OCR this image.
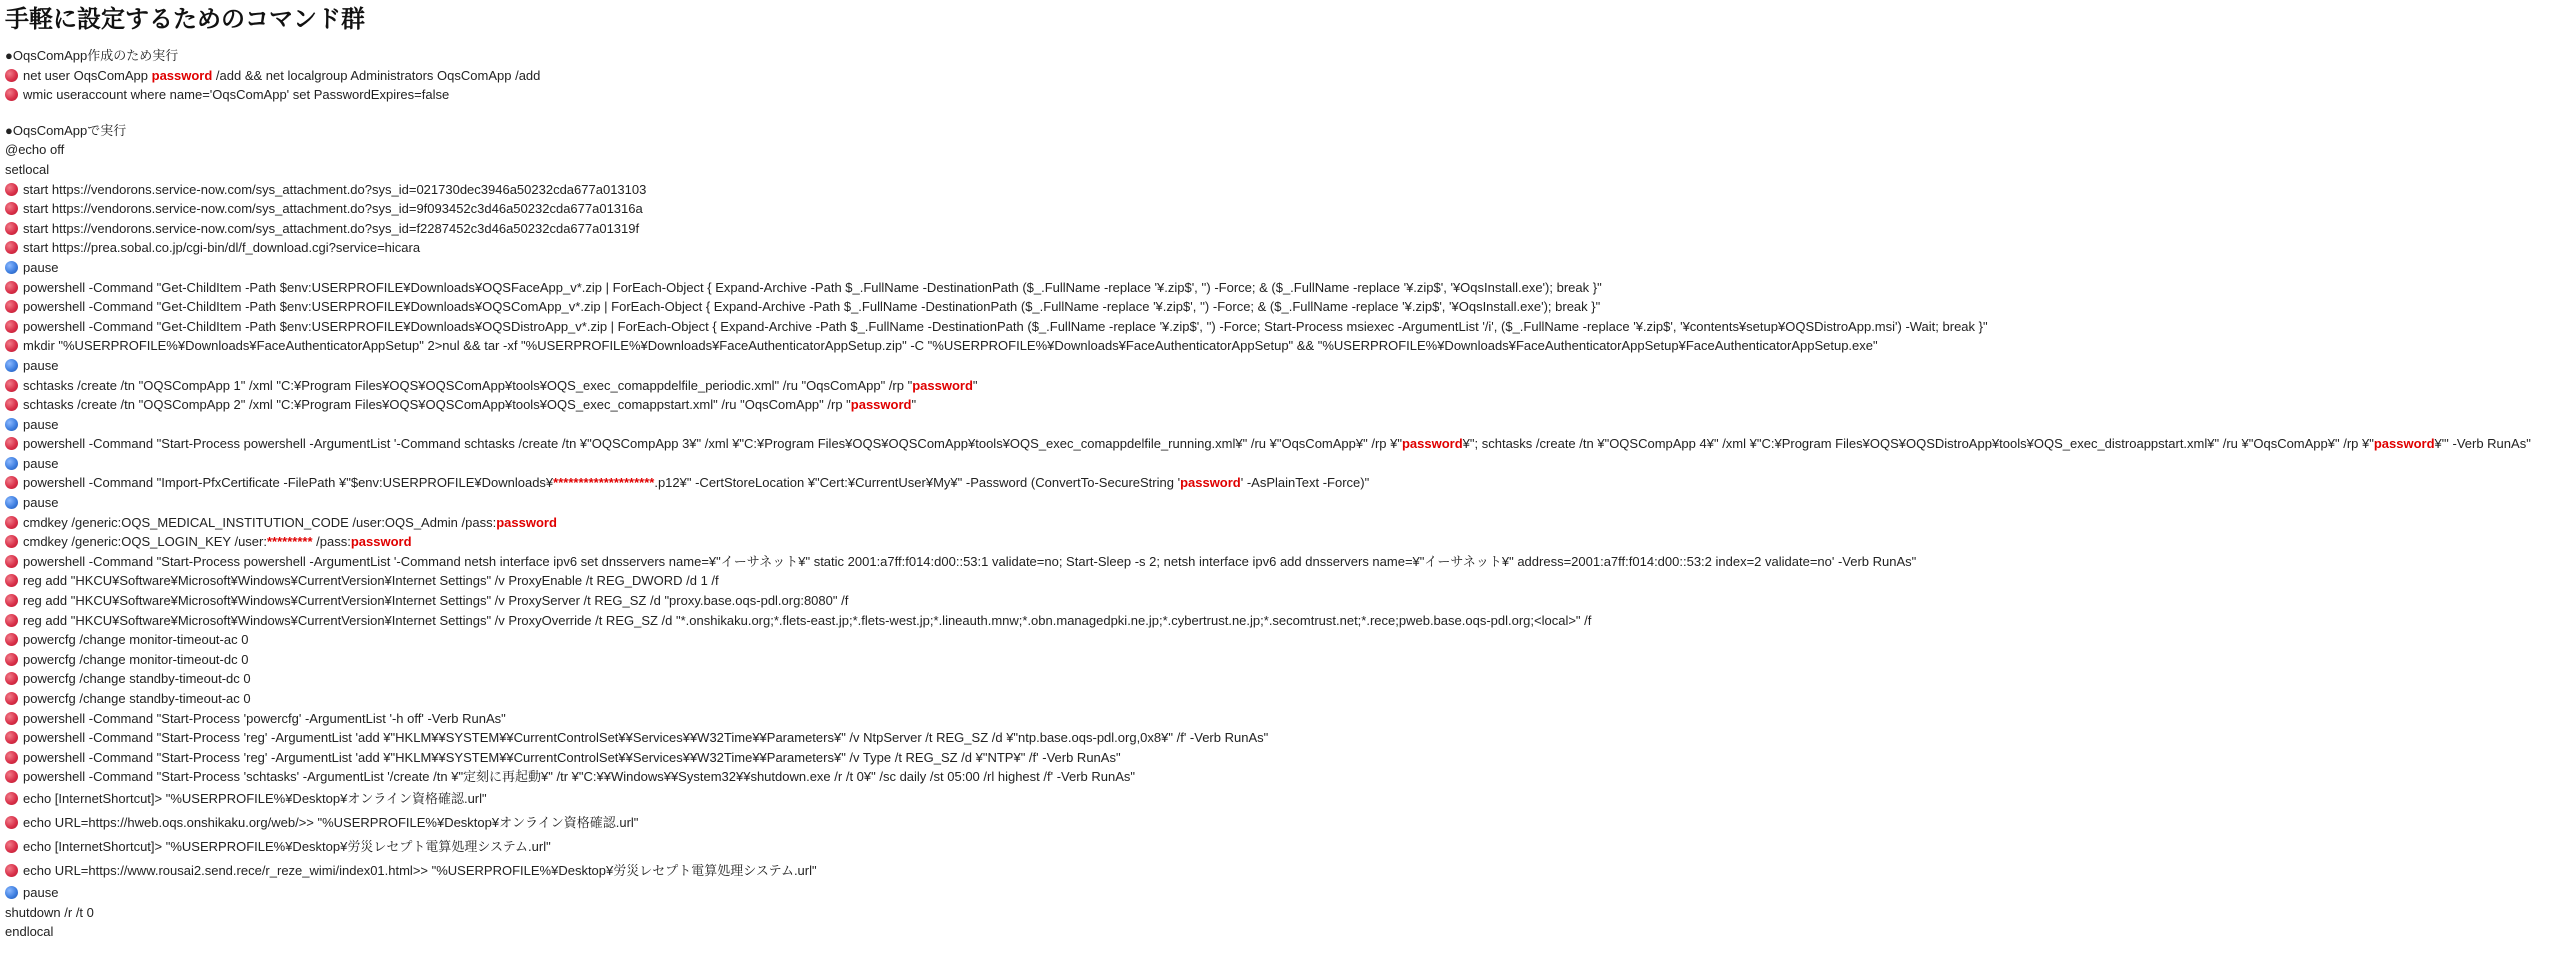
手軽に設定するためのコマンド群
●OqsComApp作成のため実行
net user OqsComApp password /add && net localgroup Administrators OqsComApp /add
wmic useraccount where name='OqsComApp' set PasswordExpires=false
●OqsComAppで実行
@echo off
setlocal
start https://vendorons.service-now.com/sys_attachment.do?sys_id=021730dec3946a50232cda677a013103
start https://vendorons.service-now.com/sys_attachment.do?sys_id=9f093452c3d46a50232cda677a01316a
start https://vendorons.service-now.com/sys_attachment.do?sys_id=f2287452c3d46a50232cda677a01319f
start https://prea.sobal.co.jp/cgi-bin/dl/f_download.cgi?service=hicara
pause
powershell -Command "Get-ChildItem -Path $env:USERPROFILE¥Downloads¥OQSFaceApp_v*.zip | ForEach-Object { Expand-Archive -Path $_.FullName -DestinationPath ($_.FullName -replace '¥.zip$', '') -Force; & ($_.FullName -replace '¥.zip$', '¥OqsInstall.exe'); break }"
powershell -Command "Get-ChildItem -Path $env:USERPROFILE¥Downloads¥OQSComApp_v*.zip | ForEach-Object { Expand-Archive -Path $_.FullName -DestinationPath ($_.FullName -replace '¥.zip$', '') -Force; & ($_.FullName -replace '¥.zip$', '¥OqsInstall.exe'); break }"
powershell -Command "Get-ChildItem -Path $env:USERPROFILE¥Downloads¥OQSDistroApp_v*.zip | ForEach-Object { Expand-Archive -Path $_.FullName -DestinationPath ($_.FullName -replace '¥.zip$', '') -Force; Start-Process msiexec -ArgumentList '/i', ($_.FullName -replace '¥.zip$', '¥contents¥setup¥OQSDistroApp.msi') -Wait; break }"
mkdir "%USERPROFILE%¥Downloads¥FaceAuthenticatorAppSetup" 2>nul && tar -xf "%USERPROFILE%¥Downloads¥FaceAuthenticatorAppSetup.zip" -C "%USERPROFILE%¥Downloads¥FaceAuthenticatorAppSetup" && "%USERPROFILE%¥Downloads¥FaceAuthenticatorAppSetup¥FaceAuthenticatorAppSetup.exe"
pause
schtasks /create /tn "OQSCompApp 1" /xml "C:¥Program Files¥OQS¥OQSComApp¥tools¥OQS_exec_comappdelfile_periodic.xml" /ru "OqsComApp" /rp "password"
schtasks /create /tn "OQSCompApp 2" /xml "C:¥Program Files¥OQS¥OQSComApp¥tools¥OQS_exec_comappstart.xml" /ru "OqsComApp" /rp "password"
pause
powershell -Command "Start-Process powershell -ArgumentList '-Command schtasks /create /tn ¥"OQSCompApp 3¥" /xml ¥"C:¥Program Files¥OQS¥OQSComApp¥tools¥OQS_exec_comappdelfile_running.xml¥" /ru ¥"OqsComApp¥" /rp ¥"password¥"; schtasks /create /tn ¥"OQSCompApp 4¥" /xml ¥"C:¥Program Files¥OQS¥OQSDistroApp¥tools¥OQS_exec_distroappstart.xml¥" /ru ¥"OqsComApp¥" /rp ¥"password¥"' -Verb RunAs"
pause
powershell -Command "Import-PfxCertificate -FilePath ¥"$env:USERPROFILE¥Downloads¥********************.p12¥" -CertStoreLocation ¥"Cert:¥CurrentUser¥My¥" -Password (ConvertTo-SecureString 'password' -AsPlainText -Force)"
pause
cmdkey /generic:OQS_MEDICAL_INSTITUTION_CODE /user:OQS_Admin /pass:password
cmdkey /generic:OQS_LOGIN_KEY /user:********* /pass:password
powershell -Command "Start-Process powershell -ArgumentList '-Command netsh interface ipv6 set dnsservers name=¥"イーサネット¥" static 2001:a7ff:f014:d00::53:1 validate=no; Start-Sleep -s 2; netsh interface ipv6 add dnsservers name=¥"イーサネット¥" address=2001:a7ff:f014:d00::53:2 index=2 validate=no' -Verb RunAs"
reg add "HKCU¥Software¥Microsoft¥Windows¥CurrentVersion¥Internet Settings" /v ProxyEnable /t REG_DWORD /d 1 /f
reg add "HKCU¥Software¥Microsoft¥Windows¥CurrentVersion¥Internet Settings" /v ProxyServer /t REG_SZ /d "proxy.base.oqs-pdl.org:8080" /f
reg add "HKCU¥Software¥Microsoft¥Windows¥CurrentVersion¥Internet Settings" /v ProxyOverride /t REG_SZ /d "*.onshikaku.org;*.flets-east.jp;*.flets-west.jp;*.lineauth.mnw;*.obn.managedpki.ne.jp;*.cybertrust.ne.jp;*.secomtrust.net;*.rece;pweb.base.oqs-pdl.org;<local>" /f
powercfg /change monitor-timeout-ac 0
powercfg /change monitor-timeout-dc 0
powercfg /change standby-timeout-dc 0
powercfg /change standby-timeout-ac 0
powershell -Command "Start-Process 'powercfg' -ArgumentList '-h off' -Verb RunAs"
powershell -Command "Start-Process 'reg' -ArgumentList 'add ¥"HKLM¥¥SYSTEM¥¥CurrentControlSet¥¥Services¥¥W32Time¥¥Parameters¥" /v NtpServer /t REG_SZ /d ¥"ntp.base.oqs-pdl.org,0x8¥" /f' -Verb RunAs"
powershell -Command "Start-Process 'reg' -ArgumentList 'add ¥"HKLM¥¥SYSTEM¥¥CurrentControlSet¥¥Services¥¥W32Time¥¥Parameters¥" /v Type /t REG_SZ /d ¥"NTP¥" /f' -Verb RunAs"
powershell -Command "Start-Process 'schtasks' -ArgumentList '/create /tn ¥"定刻に再起動¥" /tr ¥"C:¥¥Windows¥¥System32¥¥shutdown.exe /r /t 0¥" /sc daily /st 05:00 /rl highest /f' -Verb RunAs"
echo [InternetShortcut]> "%USERPROFILE%¥Desktop¥オンライン資格確認.url"
echo URL=https://hweb.oqs.onshikaku.org/web/>> "%USERPROFILE%¥Desktop¥オンライン資格確認.url"
echo [InternetShortcut]> "%USERPROFILE%¥Desktop¥労災レセプト電算処理システム.url"
echo URL=https://www.rousai2.send.rece/r_reze_wimi/index01.html>> "%USERPROFILE%¥Desktop¥労災レセプト電算処理システム.url"
pause
shutdown /r /t 0
endlocal
